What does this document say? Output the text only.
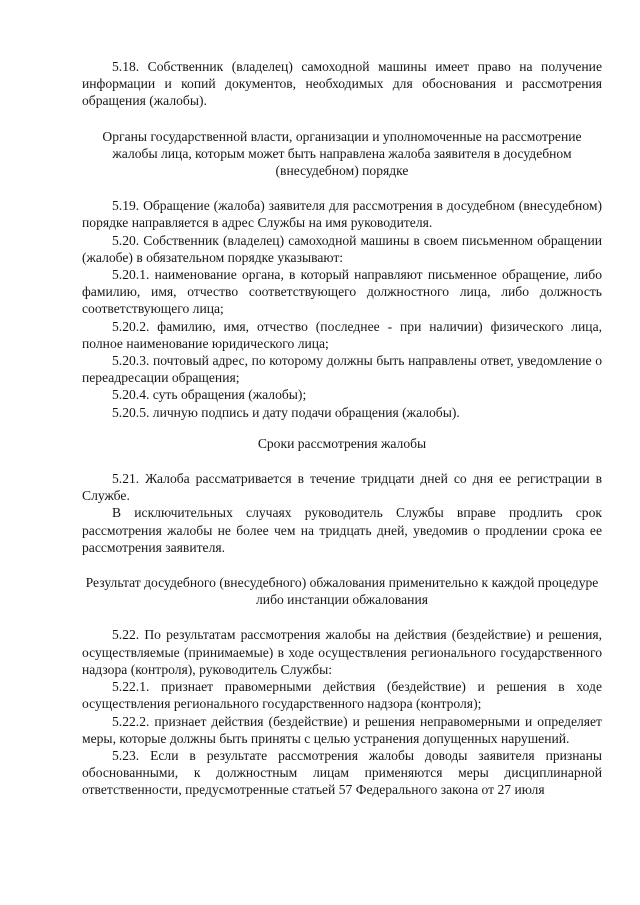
5.18. Собственник (владелец) самоходной машины имеет право на получение информации и копий документов, необходимых для обоснования и рассмотрения обращения (жалобы).

Органы государственной власти, организации и уполномоченные на рассмотрение жалобы лица, которым может быть направлена жалоба заявителя в досудебном (внесудебном) порядке

5.19. Обращение (жалоба) заявителя для рассмотрения в досудебном (внесудебном) порядке направляется в адрес Службы на имя руководителя.

5.20. Собственник (владелец) самоходной машины в своем письменном обращении (жалобе) в обязательном порядке указывают:

5.20.1. наименование органа, в который направляют письменное обращение, либо фамилию, имя, отчество соответствующего должностного лица, либо должность соответствующего лица;

5.20.2. фамилию, имя, отчество (последнее - при наличии) физического лица, полное наименование юридического лица;

5.20.3. почтовый адрес, по которому должны быть направлены ответ, уведомление о переадресации обращения;

5.20.4. суть обращения (жалобы);

5.20.5. личную подпись и дату подачи обращения (жалобы).

Сроки рассмотрения жалобы

5.21. Жалоба рассматривается в течение тридцати дней со дня ее регистрации в Службе.

В исключительных случаях руководитель Службы вправе продлить срок рассмотрения жалобы не более чем на тридцать дней, уведомив о продлении срока ее рассмотрения заявителя.

Результат досудебного (внесудебного) обжалования применительно к каждой процедуре либо инстанции обжалования

5.22. По результатам рассмотрения жалобы на действия (бездействие) и решения, осуществляемые (принимаемые) в ходе осуществления регионального государственного надзора (контроля), руководитель Службы:

5.22.1. признает правомерными действия (бездействие) и решения в ходе осуществления регионального государственного надзора (контроля);

5.22.2. признает действия (бездействие) и решения неправомерными и определяет меры, которые должны быть приняты с целью устранения допущенных нарушений.

5.23. Если в результате рассмотрения жалобы доводы заявителя признаны обоснованными, к должностным лицам применяются меры дисциплинарной ответственности, предусмотренные статьей 57 Федерального закона от 27 июля
